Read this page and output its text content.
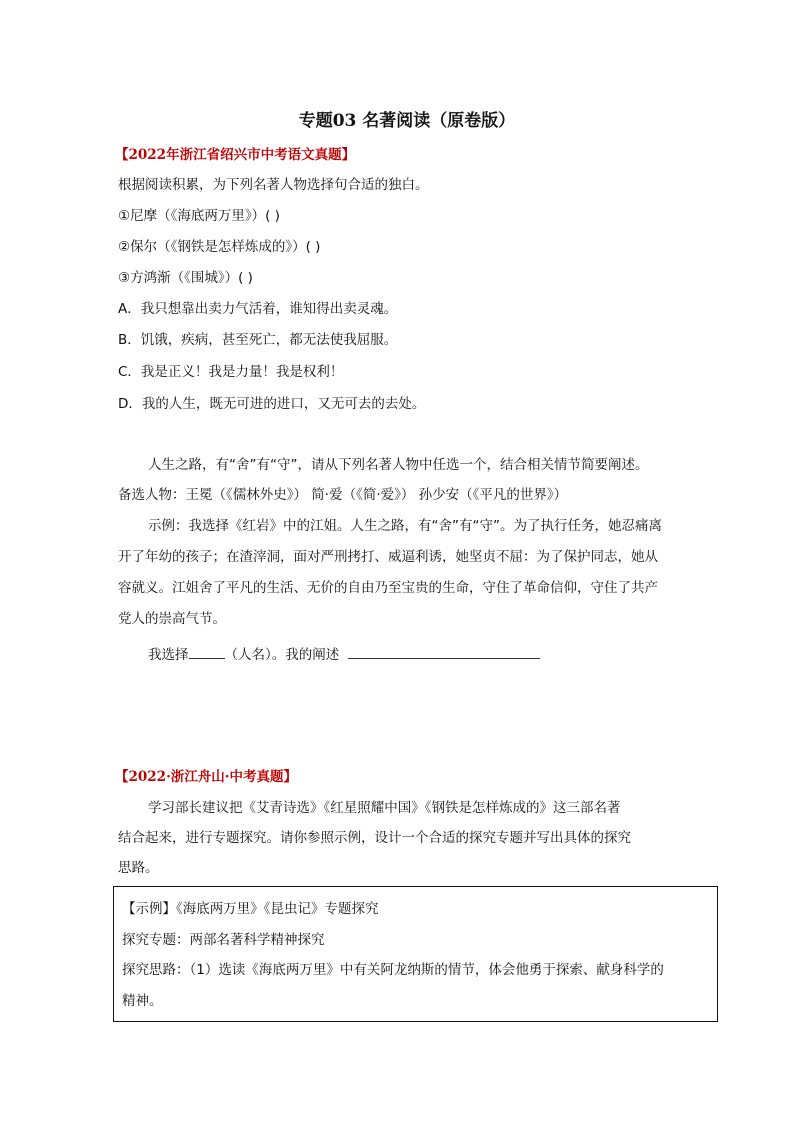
专题03 名著阅读（原卷版）
【2022年浙江省绍兴市中考语文真题】
根据阅读积累，为下列名著人物选择句合适的独白。
①尼摩（《海底两万里》）( )
②保尔（《钢铁是怎样炼成的》）( )
③方鸿渐（《围城》）( )
A．我只想靠出卖力气活着，谁知得出卖灵魂。
B．饥饿，疾病，甚至死亡，都无法使我屈服。
C．我是正义！我是力量！我是权利！
D．我的人生，既无可进的进口，又无可去的去处。
人生之路，有“舍”有“守”，请从下列名著人物中任选一个，结合相关情节简要阐述。
备选人物：王冕（《儒林外史》） 简·爱（《简·爱》） 孙少安（《平凡的世界》）
示例：我选择《红岩》中的江姐。人生之路，有“舍”有“守”。为了执行任务，她忍痛离
开了年幼的孩子；在渣滓洞，面对严刑拷打、威逼利诱，她坚贞不屈：为了保护同志，她从
容就义。江姐舍了平凡的生活、无价的自由乃至宝贵的生命，守住了革命信仰，守住了共产
党人的崇高气节。
我选择	（人名）。我的阐述
【2022·浙江舟山·中考真题】
学习部长建议把《艾青诗选》《红星照耀中国》《钢铁是怎样炼成的》这三部名著
结合起来，进行专题探究。请你参照示例，设计一个合适的探究专题并写出具体的探究
思路。
【示例】《海底两万里》《昆虫记》专题探究
探究专题：两部名著科学精神探究
探究思路：（1）选读《海底两万里》中有关阿龙纳斯的情节，体会他勇于探索、献身科学的
精神。
